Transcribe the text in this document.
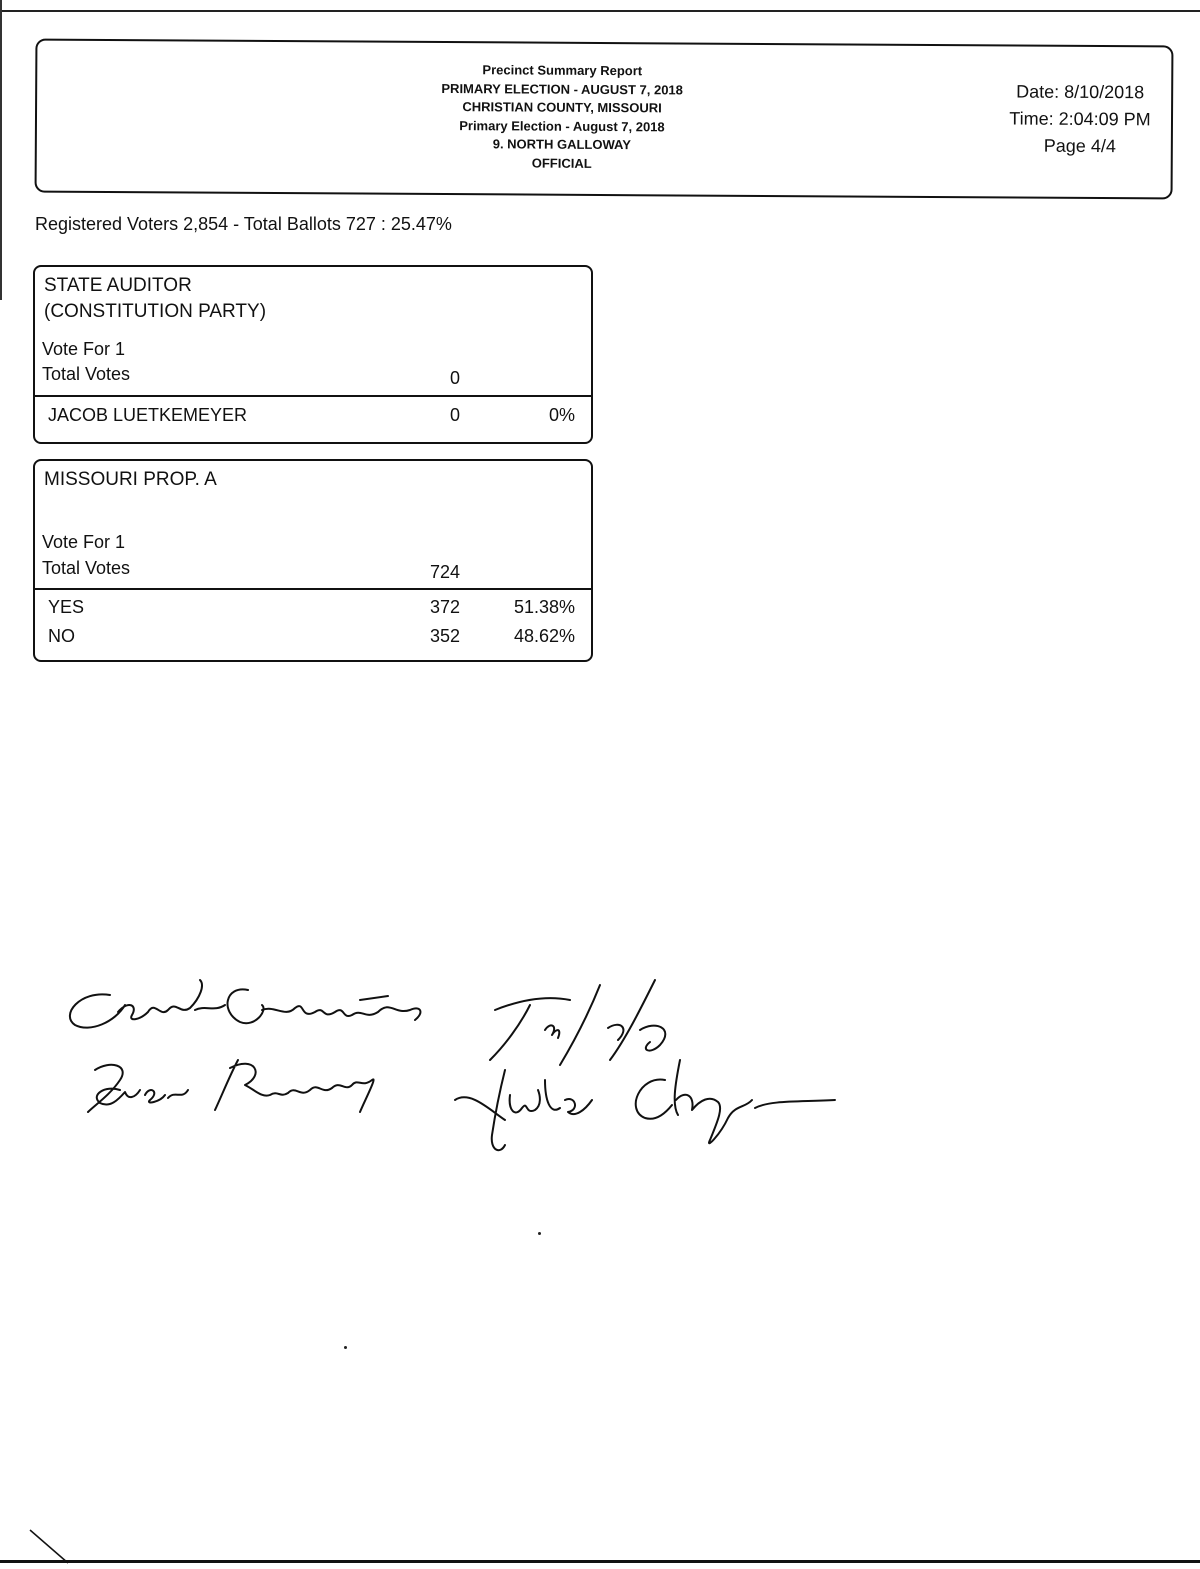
Precinct Summary Report
PRIMARY ELECTION - AUGUST 7, 2018
CHRISTIAN COUNTY, MISSOURI
Primary Election - August 7, 2018
9. NORTH GALLOWAY
OFFICIAL
Date: 8/10/2018
Time: 2:04:09 PM
Page 4/4
Registered Voters 2,854 - Total Ballots 727 : 25.47%
STATE AUDITOR
(CONSTITUTION PARTY)
Vote For 1
Total Votes	0
JACOB LUETKEMEYER	0	0%
MISSOURI PROP. A
Vote For 1
Total Votes	724
YES	372	51.38%
NO	352	48.62%
